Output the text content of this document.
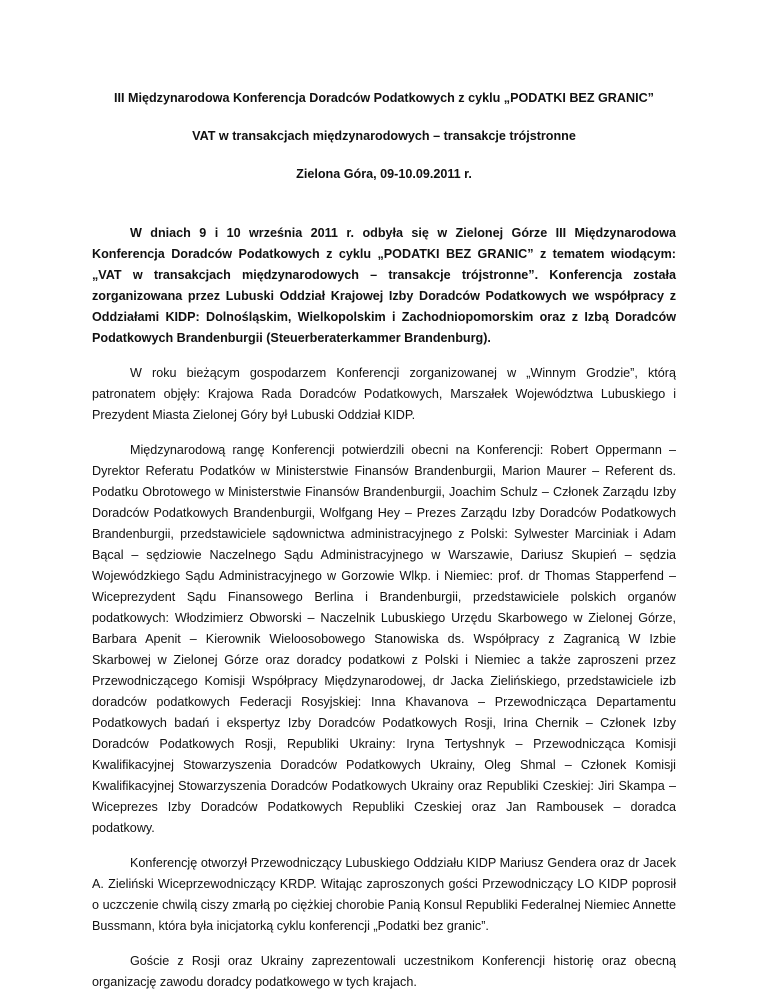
III Międzynarodowa Konferencja Doradców Podatkowych z cyklu „PODATKI BEZ GRANIC”

VAT w transakcjach międzynarodowych – transakcje trójstronne

Zielona Góra, 09-10.09.2011 r.

W dniach 9 i 10 września 2011 r. odbyła się w Zielonej Górze III Międzynarodowa Konferencja Doradców Podatkowych z cyklu „PODATKI BEZ GRANIC” z tematem wiodącym: „VAT w transakcjach międzynarodowych – transakcje trójstronne”. Konferencja została zorganizowana przez Lubuski Oddział Krajowej Izby Doradców Podatkowych we współpracy z Oddziałami KIDP: Dolnośląskim, Wielkopolskim i Zachodniopomorskim oraz z Izbą Doradców Podatkowych Brandenburgii (Steuerberaterkammer Brandenburg).

W roku bieżącym gospodarzem Konferencji zorganizowanej w „Winnym Grodzie”, którą patronatem objęły: Krajowa Rada Doradców Podatkowych, Marszałek Województwa Lubuskiego i Prezydent Miasta Zielonej Góry był Lubuski Oddział KIDP.

Międzynarodową rangę Konferencji potwierdzili obecni na Konferencji: Robert Oppermann – Dyrektor Referatu Podatków w Ministerstwie Finansów Brandenburgii, Marion Maurer – Referent ds. Podatku Obrotowego w Ministerstwie Finansów Brandenburgii, Joachim Schulz – Członek Zarządu Izby Doradców Podatkowych Brandenburgii, Wolfgang Hey – Prezes Zarządu Izby Doradców Podatkowych Brandenburgii, przedstawiciele sądownictwa administracyjnego z Polski: Sylwester Marciniak i Adam Bącal – sędziowie Naczelnego Sądu Administracyjnego w Warszawie, Dariusz Skupień – sędzia Wojewódzkiego Sądu Administracyjnego w Gorzowie Wlkp. i Niemiec: prof. dr Thomas Stapperfend – Wiceprezydent Sądu Finansowego Berlina i Brandenburgii, przedstawiciele polskich organów podatkowych: Włodzimierz Obworski – Naczelnik Lubuskiego Urzędu Skarbowego w Zielonej Górze, Barbara Apenit – Kierownik Wieloosobowego Stanowiska ds. Współpracy z Zagranicą W Izbie Skarbowej w Zielonej Górze oraz doradcy podatkowi z Polski i Niemiec a także zaproszeni przez Przewodniczącego Komisji Współpracy Międzynarodowej, dr Jacka Zielińskiego, przedstawiciele izb doradców podatkowych Federacji Rosyjskiej: Inna Khavanova – Przewodnicząca Departamentu Podatkowych badań i ekspertyz Izby Doradców Podatkowych Rosji, Irina Chernik – Członek Izby Doradców Podatkowych Rosji, Republiki Ukrainy: Iryna Tertyshnyk – Przewodnicząca Komisji Kwalifikacyjnej Stowarzyszenia Doradców Podatkowych Ukrainy, Oleg Shmal – Członek Komisji Kwalifikacyjnej Stowarzyszenia Doradców Podatkowych Ukrainy oraz Republiki Czeskiej: Jiri Skampa – Wiceprezes Izby Doradców Podatkowych Republiki Czeskiej oraz Jan Rambousek – doradca podatkowy.

Konferencję otworzył Przewodniczący Lubuskiego Oddziału KIDP Mariusz Gendera oraz dr Jacek A. Zieliński Wiceprzewodniczący KRDP. Witając zaproszonych gości Przewodniczący LO KIDP poprosił o uczczenie chwilą ciszy zmarłą po ciężkiej chorobie Panią Konsul Republiki Federalnej Niemiec Annette Bussmann, która była inicjatorką cyklu konferencji „Podatki bez granic”.

Goście z Rosji oraz Ukrainy zaprezentowali uczestnikom Konferencji historię oraz obecną organizację zawodu doradcy podatkowego w tych krajach.
